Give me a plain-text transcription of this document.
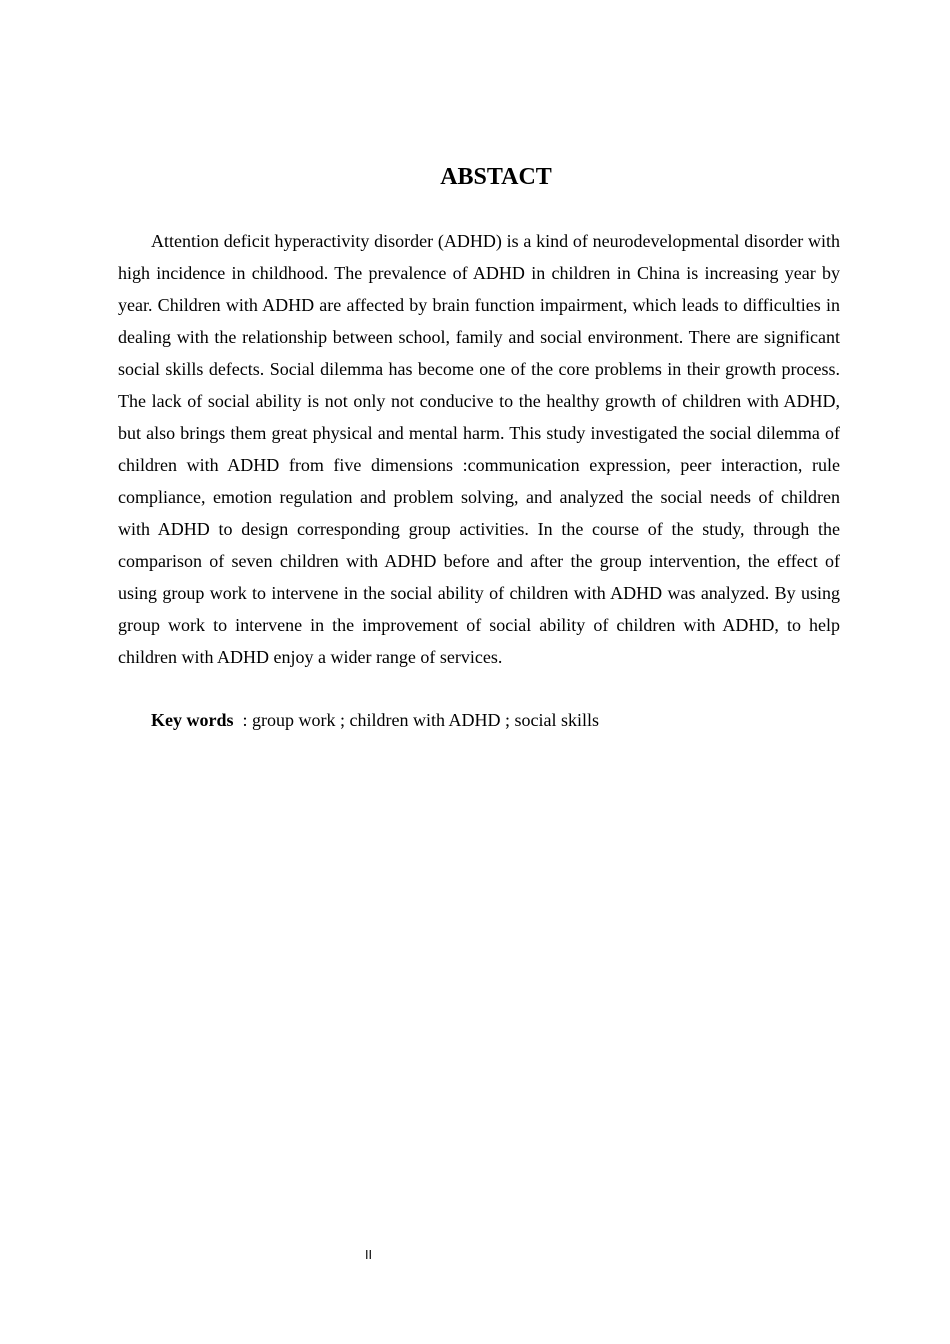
ABSTACT

Attention deficit hyperactivity disorder (ADHD) is a kind of neurodevelopmental disorder with high incidence in childhood. The prevalence of ADHD in children in China is increasing year by year. Children with ADHD are affected by brain function impairment, which leads to difficulties in dealing with the relationship between school, family and social environment. There are significant social skills defects. Social dilemma has become one of the core problems in their growth process. The lack of social ability is not only not conducive to the healthy growth of children with ADHD, but also brings them great physical and mental harm. This study investigated the social dilemma of children with ADHD from five dimensions :communication expression, peer interaction, rule compliance, emotion regulation and problem solving, and analyzed the social needs of children with ADHD to design corresponding group activities. In the course of the study, through the comparison of seven children with ADHD before and after the group intervention, the effect of using group work to intervene in the social ability of children with ADHD was analyzed. By using group work to intervene in the improvement of social ability of children with ADHD, to help children with ADHD enjoy a wider range of services.

Key words : group work ; children with ADHD ; social skills

II
